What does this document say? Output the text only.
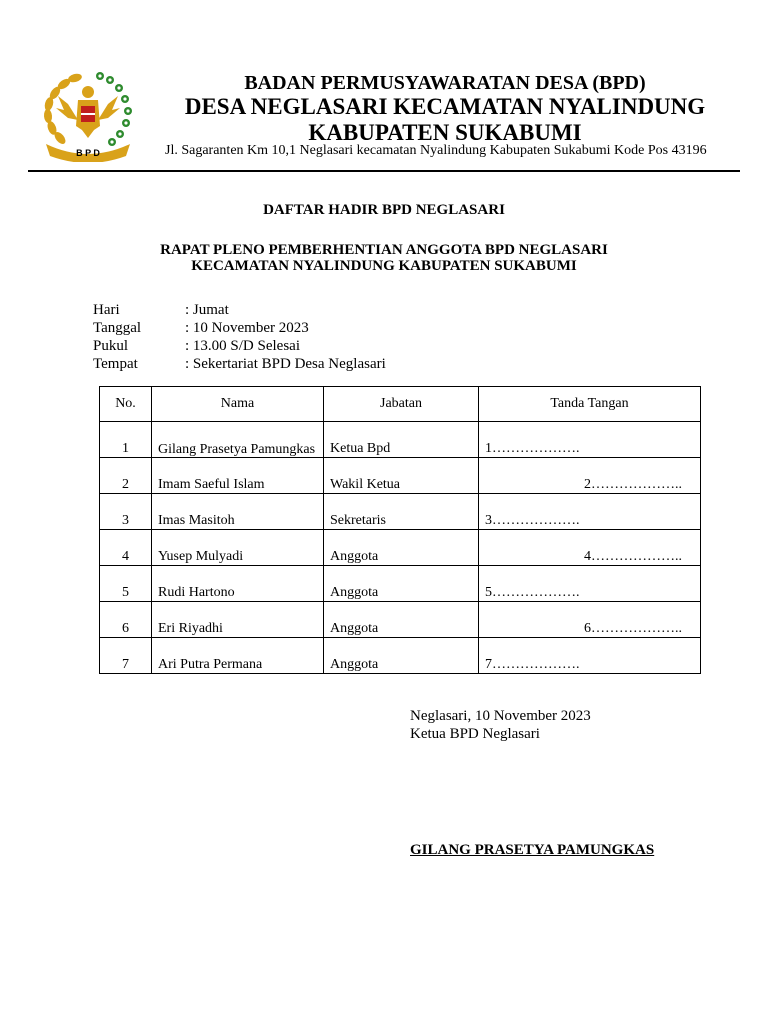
B P D
BADAN PERMUSYAWARATAN DESA (BPD)
DESA NEGLASARI KECAMATAN NYALINDUNG
KABUPATEN SUKABUMI
Jl. Sagaranten Km 10,1 Neglasari kecamatan Nyalindung Kabupaten Sukabumi Kode Pos 43196
DAFTAR HADIR BPD NEGLASARI
RAPAT PLENO PEMBERHENTIAN ANGGOTA BPD NEGLASARI
KECAMATAN NYALINDUNG KABUPATEN SUKABUMI
Hari	: Jumat
Tanggal	: 10 November 2023
Pukul	: 13.00 S/D Selesai
Tempat	: Sekertariat BPD Desa Neglasari
No.	Nama	Jabatan	Tanda Tangan
1	Gilang Prasetya Pamungkas	Ketua Bpd	1……………….
2	Imam Saeful Islam	Wakil Ketua	2………………..
3	Imas Masitoh	Sekretaris	3……………….
4	Yusep Mulyadi	Anggota	4………………..
5	Rudi Hartono	Anggota	5……………….
6	Eri Riyadhi	Anggota	6………………..
7	Ari Putra Permana	Anggota	7……………….
Neglasari, 10 November 2023
Ketua BPD Neglasari
GILANG PRASETYA PAMUNGKAS
